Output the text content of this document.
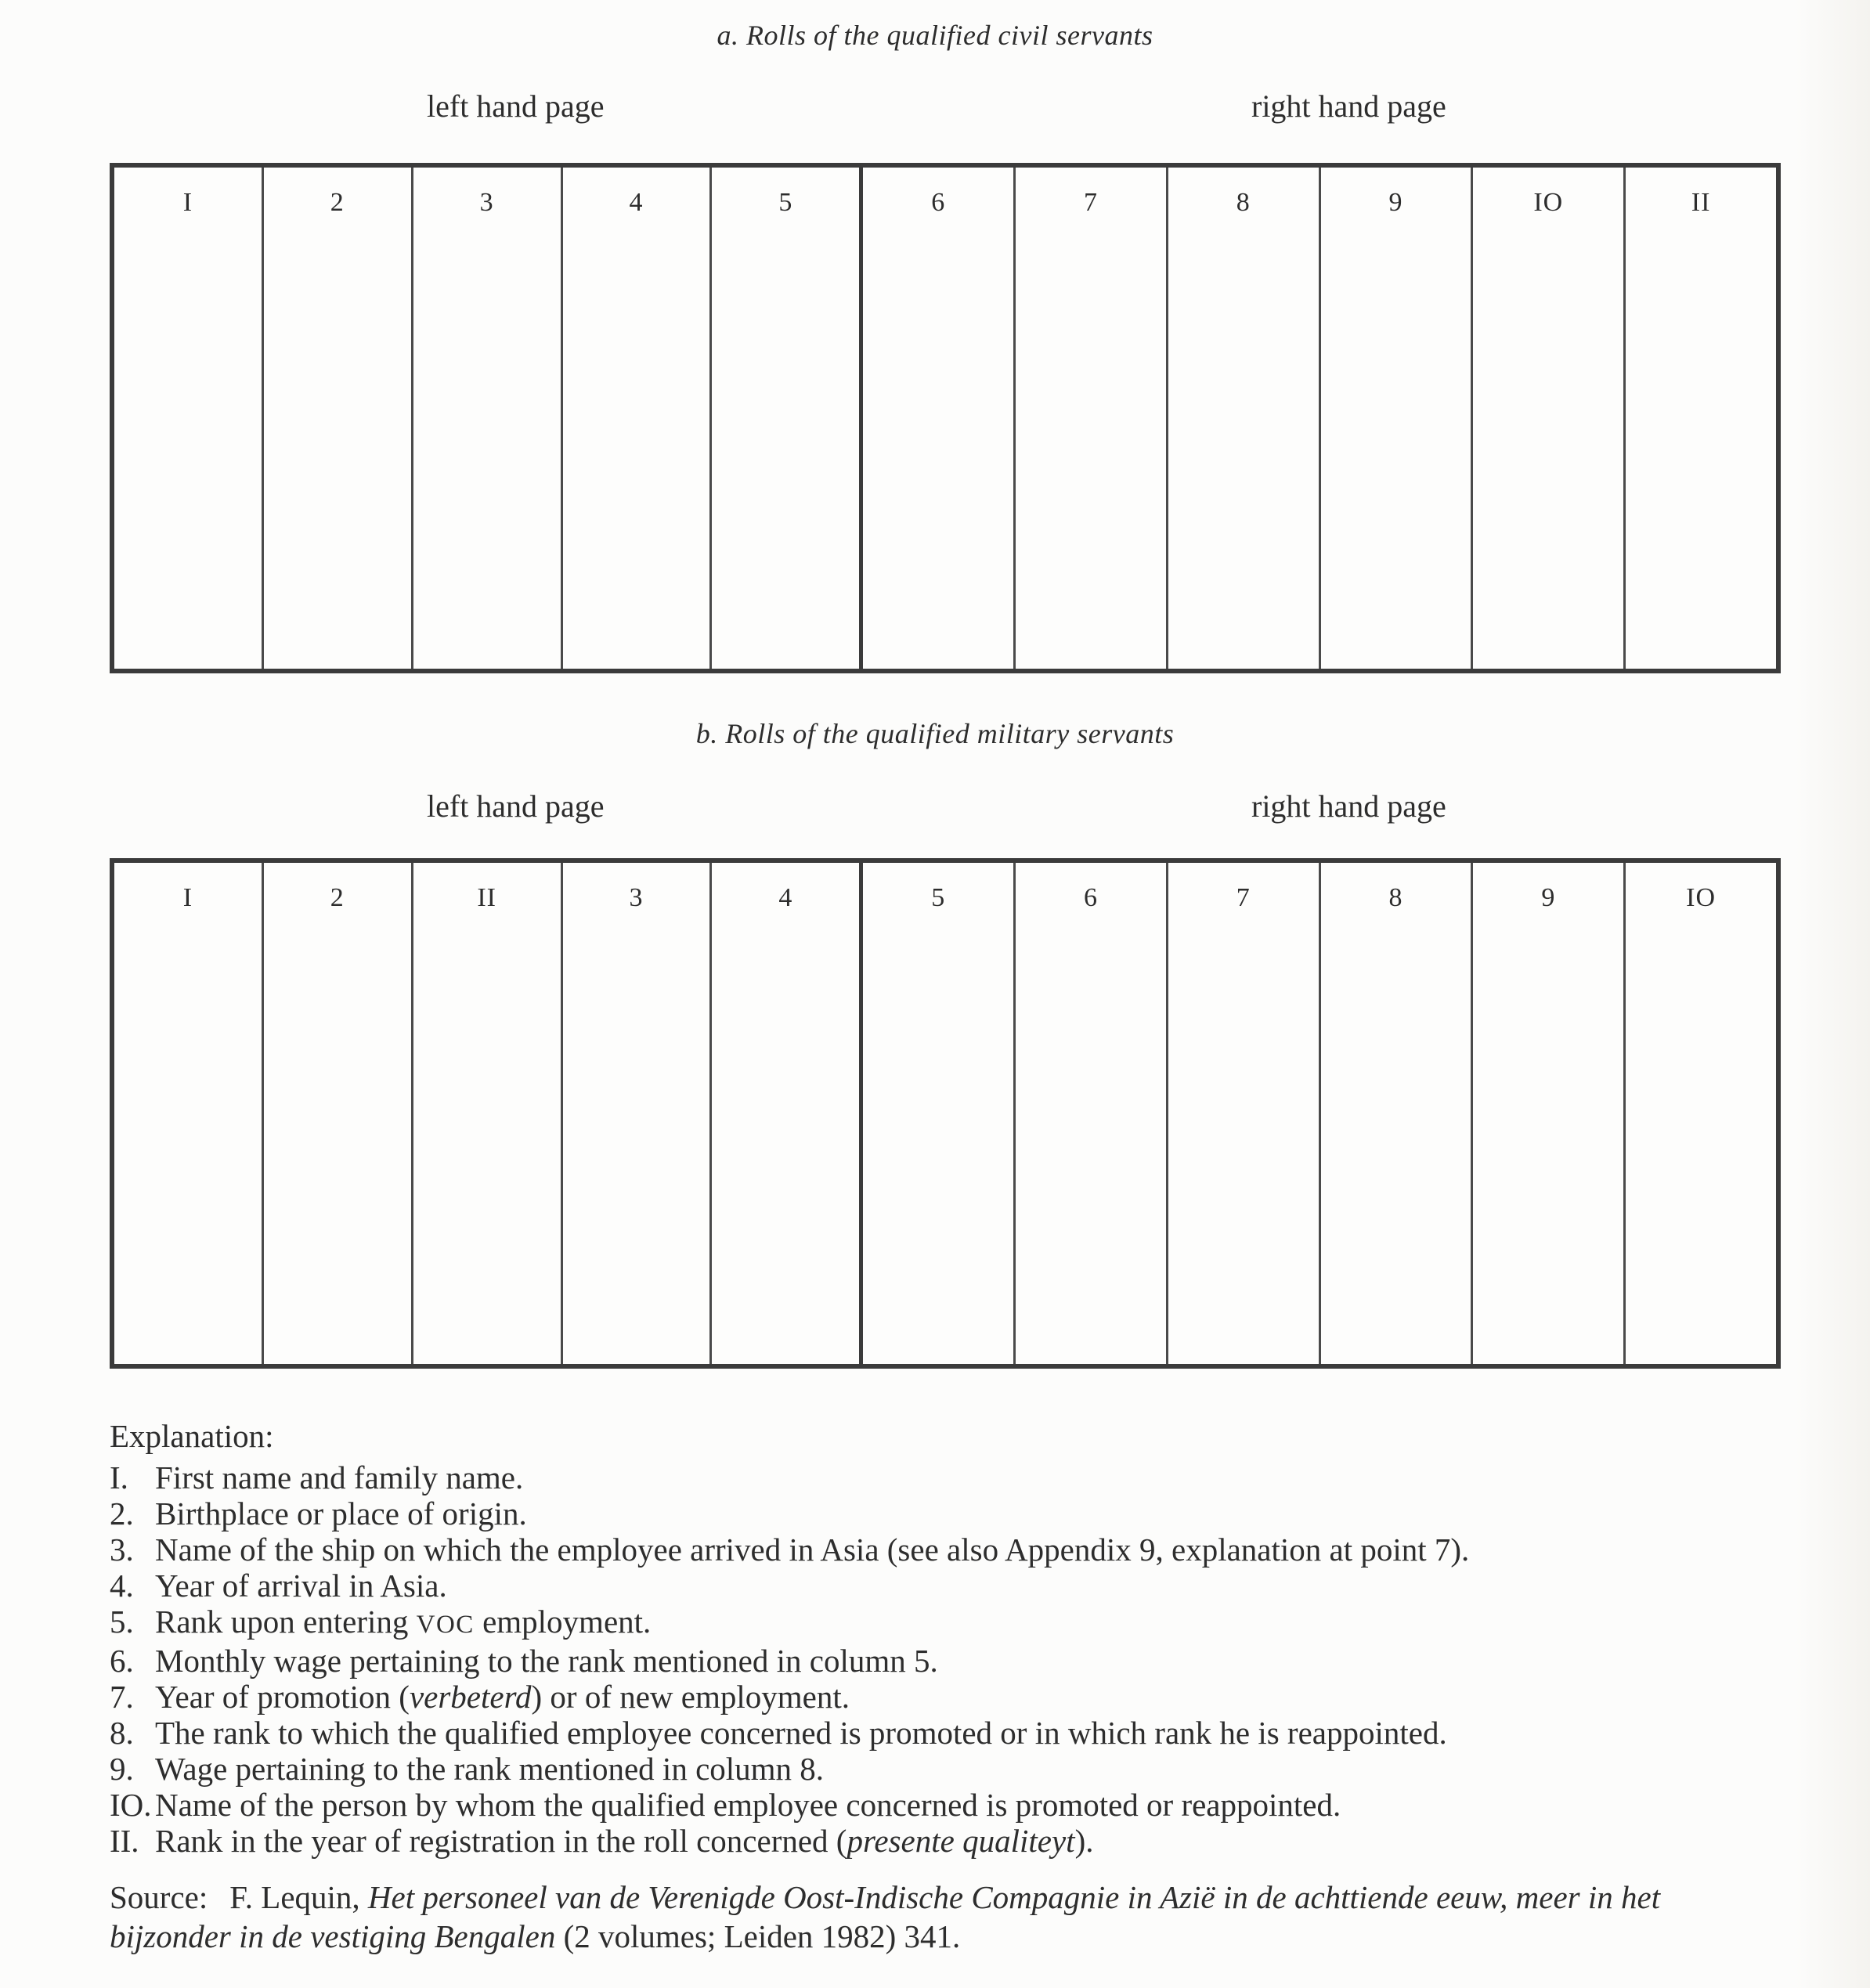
a. Rolls of the qualified civil servants
left hand page	right hand page
I	2	3	4	5	6	7	8	9	IO	II
b. Rolls of the qualified military servants
left hand page	right hand page
I	2	II	3	4	5	6	7	8	9	IO
Explanation:
I. First name and family name.
2. Birthplace or place of origin.
3. Name of the ship on which the employee arrived in Asia (see also Appendix 9, explanation at point 7).
4. Year of arrival in Asia.
5. Rank upon entering VOC employment.
6. Monthly wage pertaining to the rank mentioned in column 5.
7. Year of promotion (verbeterd) or of new employment.
8. The rank to which the qualified employee concerned is promoted or in which rank he is reappointed.
9. Wage pertaining to the rank mentioned in column 8.
IO. Name of the person by whom the qualified employee concerned is promoted or reappointed.
II. Rank in the year of registration in the roll concerned (presente qualiteyt).
Source: F. Lequin, Het personeel van de Verenigde Oost-Indische Compagnie in Azië in de achttiende eeuw, meer in het
bijzonder in de vestiging Bengalen (2 volumes; Leiden 1982) 341.
